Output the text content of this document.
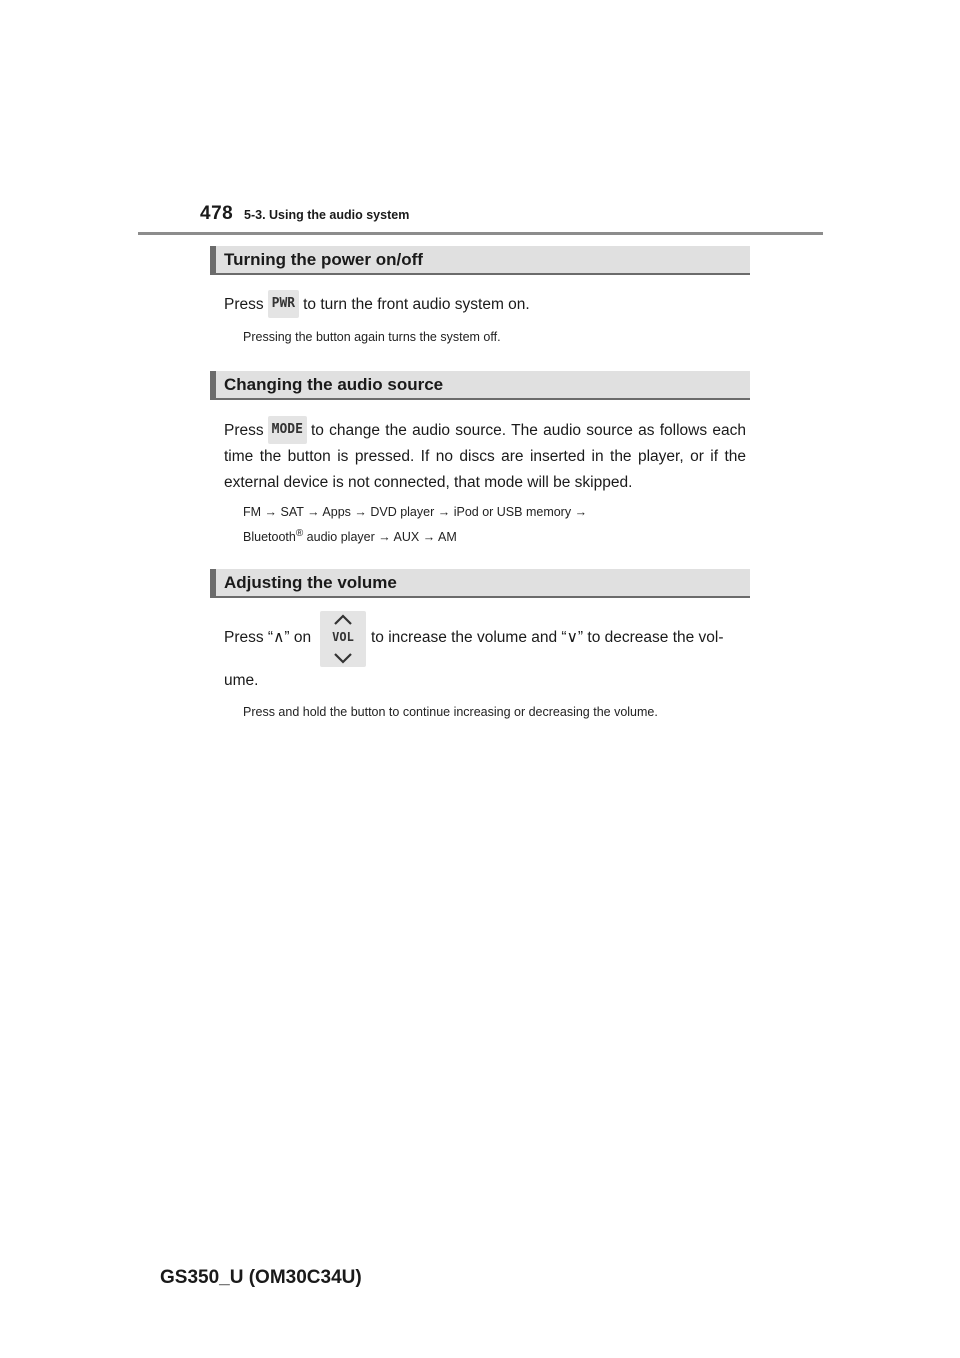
478 5-3. Using the audio system
Turning the power on/off
Press PWR to turn the front audio system on.
Pressing the button again turns the system off.
Changing the audio source
Press MODE to change the audio source. The audio source as follows each time the button is pressed. If no discs are inserted in the player, or if the external device is not connected, that mode will be skipped.
FM → SAT → Apps → DVD player → iPod or USB memory →
Bluetooth® audio player → AUX → AM
Adjusting the volume
Press “∧” on	VOL	to increase the volume and “∨” to decrease the vol-
ume.
Press and hold the button to continue increasing or decreasing the volume.
GS350_U (OM30C34U)
